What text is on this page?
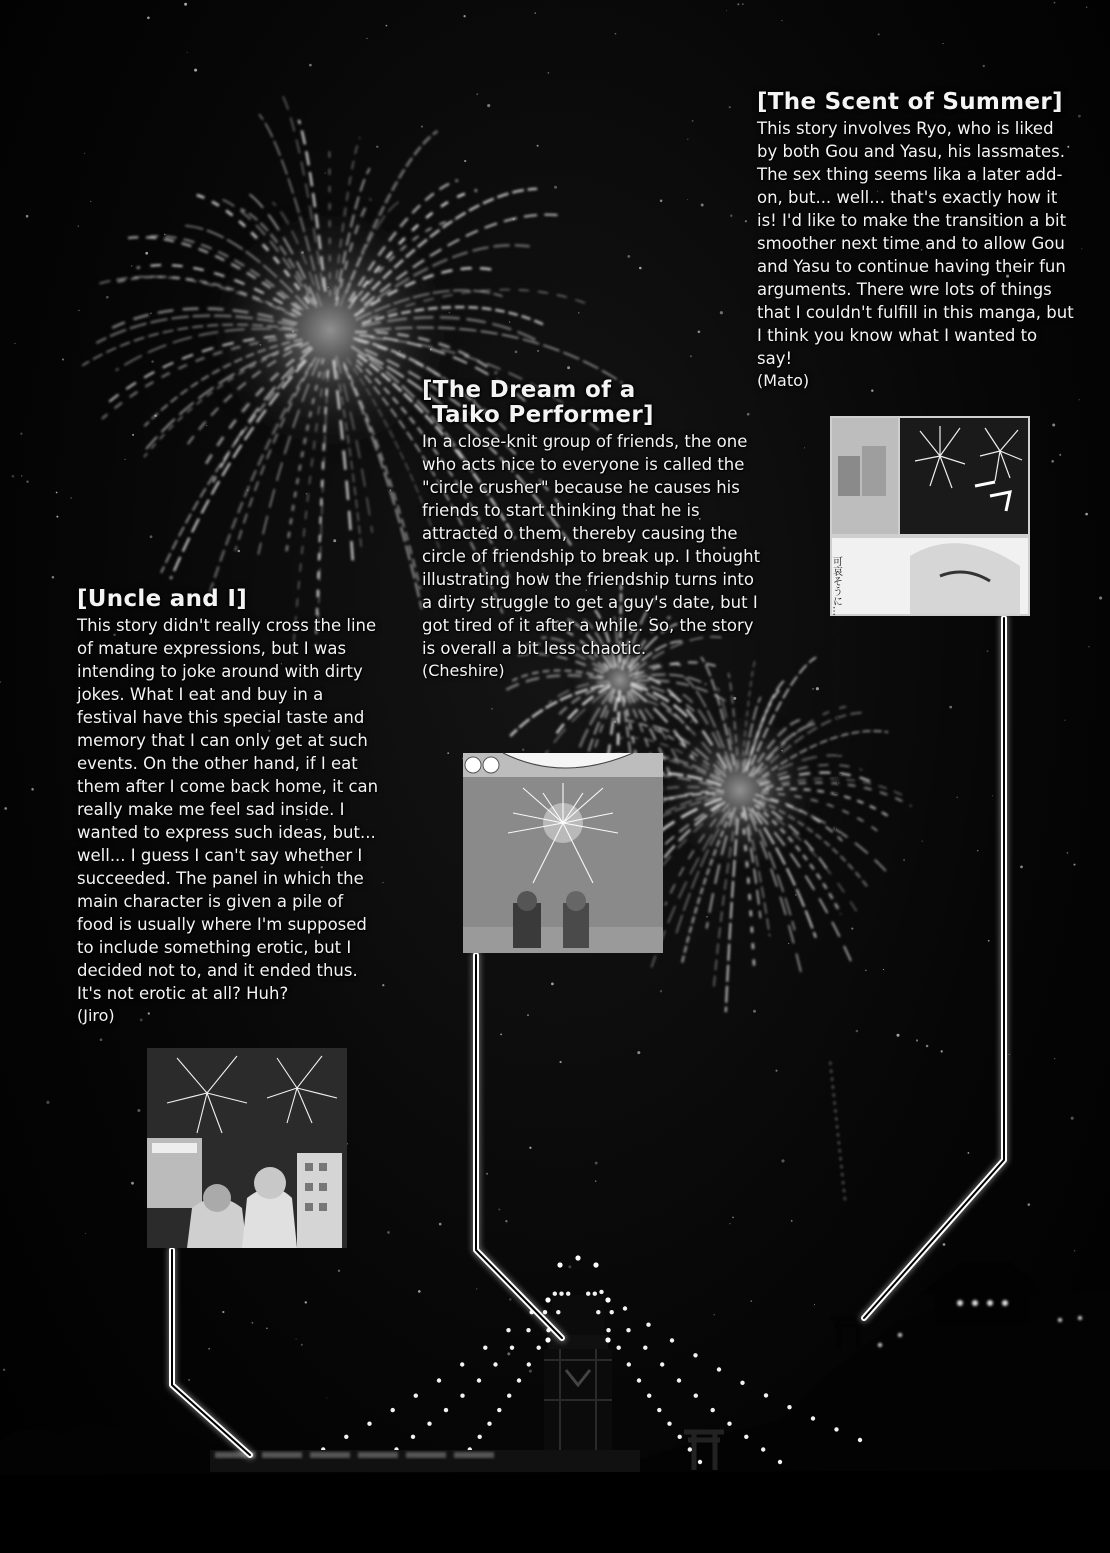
[The Scent of Summer]

This story involves Ryo, who is liked by both Gou and Yasu, his lassmates. The sex thing seems lika a later add-on, but... well... that's exactly how it is! I'd like to make the transition a bit smoother next time and to allow Gou and Yasu to continue having their fun arguments. There wre lots of things that I couldn't fulfill in this manga, but I think you know what I wanted to say!

(Mato)
[The Dream of a
Taiko Performer]

In a close-knit group of friends, the one who acts nice to everyone is called the "circle crusher" because he causes his friends to start thinking that he is attracted o them, thereby causing the circle of friendship to break up. I thought illustrating how the friendship turns into a dirty struggle to get a guy's date, but I got tired of it after a while. So, the story is overall a bit less chaotic.

(Cheshire)
[Uncle and I]

This story didn't really cross the line of mature expressions, but I was intending to joke around with dirty jokes. What I eat and buy in a festival have this special taste and memory that I can only get at such events. On the other hand, if I eat them after I come back home, it can really make me feel sad inside. I wanted to express such ideas, but... well... I guess I can't say whether I succeeded. The panel in which the main character is given a pile of food is usually where I'm supposed to include something erotic, but I decided not to, and it ended thus. It's not erotic at all? Huh?

(Jiro)
可哀そうに…遂に美しいものがわからなくなったてめえバカに
